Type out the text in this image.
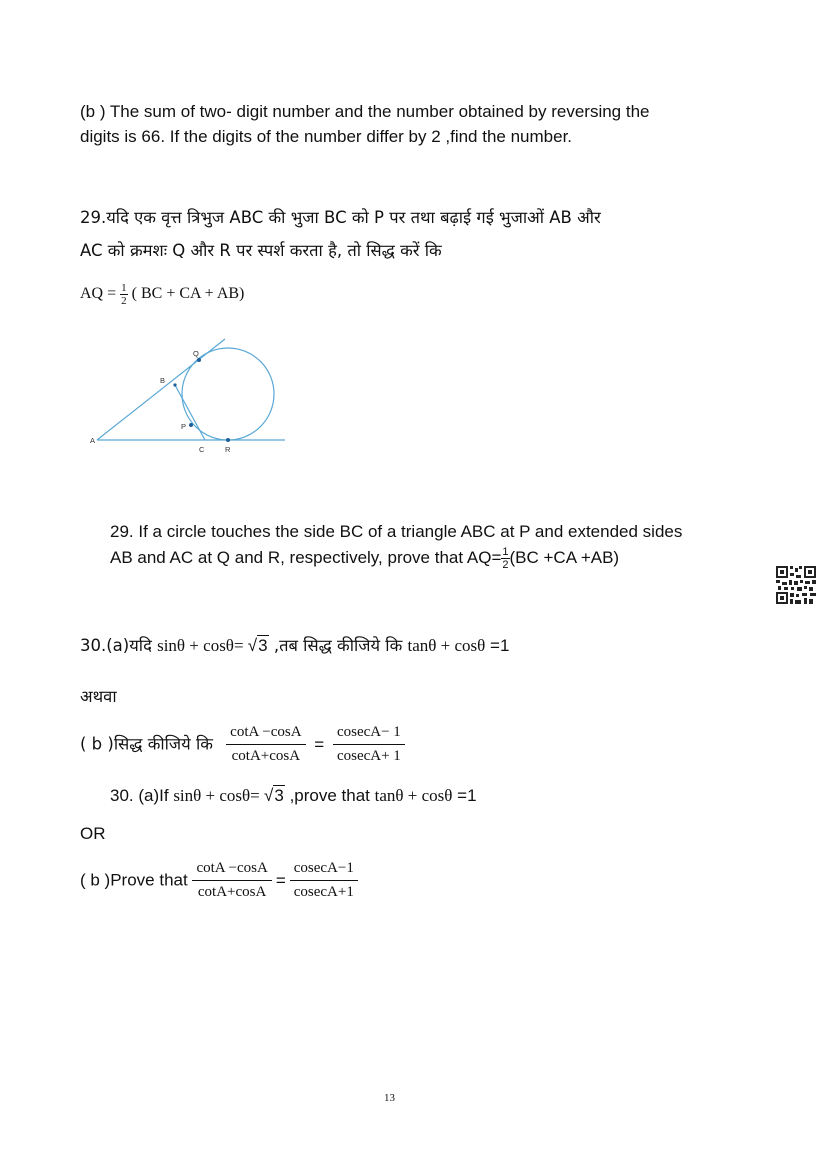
(b ) The sum of two- digit number and the number obtained by reversing the
digits is 66. If the digits of the number differ by 2 ,find the number.
29.यदि एक वृत्त त्रिभुज ABC की भुजा BC को P पर तथा बढ़ाई गई भुजाओं AB और
AC को क्रमशः Q और R पर स्पर्श करता है, तो सिद्ध करें कि
AQ = $\frac{1}{2}$ ( BC + CA + AB)
Q
B
P
A
C	R
29. If a circle touches the side BC of a triangle ABC at P and extended sides
AB and AC at Q and R, respectively, prove that $AQ= \frac{1}{2} (BC +CA +AB)$
30.(a)यदि sinθ + cosθ= √3 ,तब सिद्ध कीजिये कि tanθ + cosθ =1
अथवा
( b )सिद्ध कीजिये कि $\frac{\cot A -\cos A}{\cot A+\cos A} = \frac{cosecA- 1}{cosecA+ 1}$
30. (a)If sinθ + cosθ= √3 ,prove that tanθ + cosθ =1
OR
( b )Prove that $\frac{\cot A -\cos A}{\cot A+\cos A} = \frac{cosecA-1}{cosecA+1}$
13
